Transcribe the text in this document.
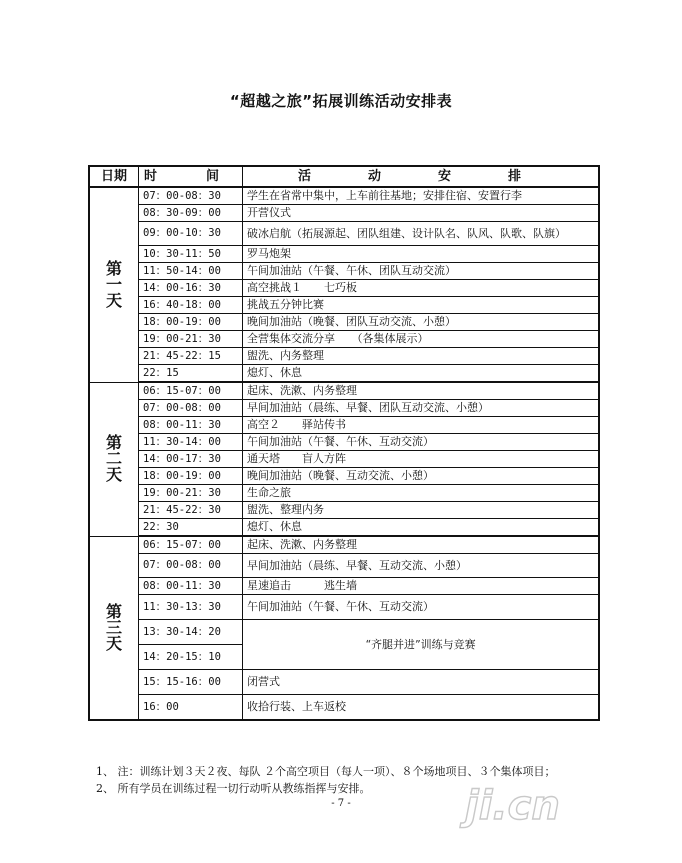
“超越之旅”拓展训练活动安排表
日期	时　间	活　动　安　排

第
一
天	07：00-08：30	学生在省常中集中，上车前往基地；安排住宿、安置行李
	08：30-09：00	开营仪式
	09：00-10：30	破冰启航（拓展源起、团队组建、设计队名、队风、队歌、队旗）
	10：30-11：50	罗马炮架
	11：50-14：00	午间加油站（午餐、午休、团队互动交流）
	14：00-16：30	高空挑战１　　七巧板
	16：40-18：00	挑战五分钟比赛
	18：00-19：00	晚间加油站（晚餐、团队互动交流、小憩）
	19：00-21：30	全营集体交流分享　　（各集体展示）
	21：45-22：15	盥洗、内务整理
	22：15	熄灯、休息

第
二
天	06：15-07：00	起床、洗漱、内务整理
	07：00-08：00	早间加油站（晨练、早餐、团队互动交流、小憩）
	08：00-11：30	高空２　　驿站传书
	11：30-14：00	午间加油站（午餐、午休、互动交流）
	14：00-17：30	通天塔　　盲人方阵
	18：00-19：00	晚间加油站（晚餐、互动交流、小憩）
	19：00-21：30	生命之旅
	21：45-22：30	盥洗、整理内务
	22：30	熄灯、休息

第
三
天	06：15-07：00	起床、洗漱、内务整理
	07：00-08：00	早间加油站（晨练、早餐、互动交流、小憩）
	08：00-11：30	星速追击　　　逃生墙
	11：30-13：30	午间加油站（午餐、午休、互动交流）
	13：30-14：20	“齐腿并进”训练与竞赛
	14：20-15：10	
	15：15-16：00	闭营式
	16：00	收拾行装、上车返校
1、 注：训练计划３天２夜、每队 ２个高空项目（每人一项）、８个场地项目、３个集体项目；
2、 所有学员在训练过程一切行动听从教练指挥与安排。
- 7 -	ji.cn
